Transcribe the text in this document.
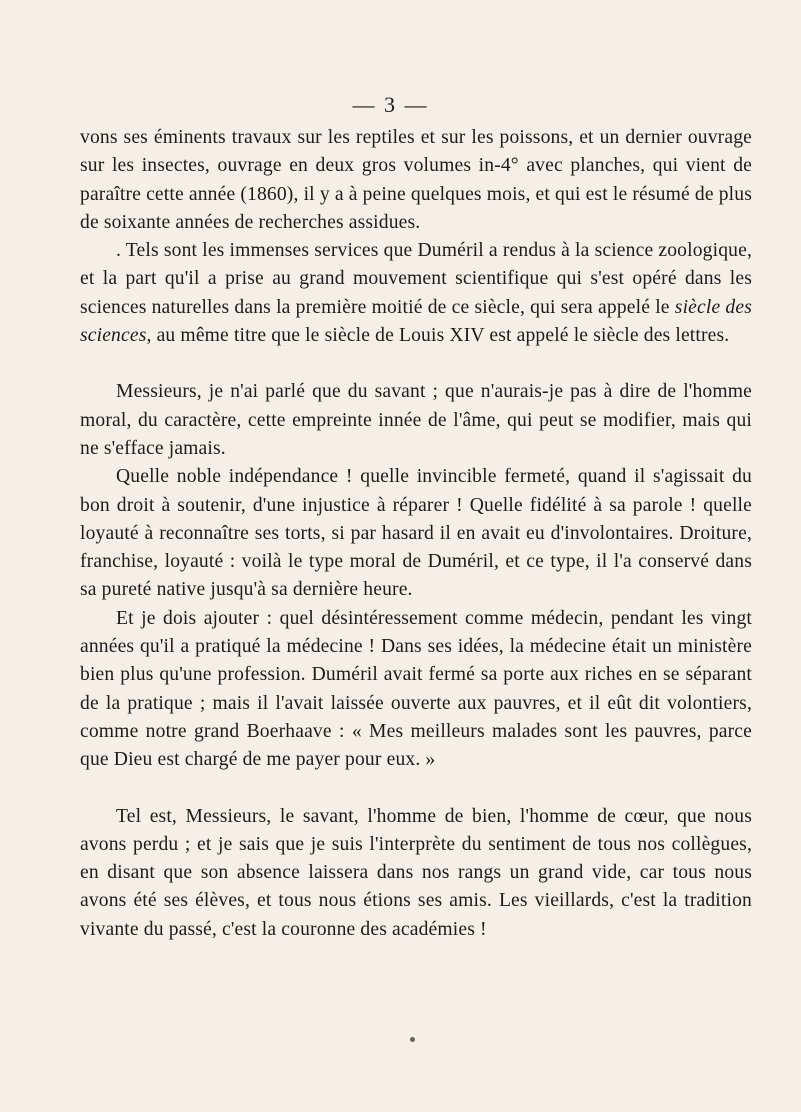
— 3 —

vons ses éminents travaux sur les reptiles et sur les poissons, et un dernier ouvrage sur les insectes, ouvrage en deux gros volumes in-4° avec planches, qui vient de paraître cette année (1860), il y a à peine quelques mois, et qui est le résumé de plus de soixante années de recherches assidues.

. Tels sont les immenses services que Duméril a rendus à la science zoologique, et la part qu'il a prise au grand mouvement scientifique qui s'est opéré dans les sciences naturelles dans la première moitié de ce siècle, qui sera appelé le siècle des sciences, au même titre que le siècle de Louis XIV est appelé le siècle des lettres.

Messieurs, je n'ai parlé que du savant ; que n'aurais-je pas à dire de l'homme moral, du caractère, cette empreinte innée de l'âme, qui peut se modifier, mais qui ne s'efface jamais.

Quelle noble indépendance ! quelle invincible fermeté, quand il s'agissait du bon droit à soutenir, d'une injustice à réparer ! Quelle fidélité à sa parole ! quelle loyauté à reconnaître ses torts, si par hasard il en avait eu d'involontaires. Droiture, franchise, loyauté : voilà le type moral de Duméril, et ce type, il l'a conservé dans sa pureté native jusqu'à sa dernière heure.

Et je dois ajouter : quel désintéressement comme médecin, pendant les vingt années qu'il a pratiqué la médecine ! Dans ses idées, la médecine était un ministère bien plus qu'une profession. Duméril avait fermé sa porte aux riches en se séparant de la pratique ; mais il l'avait laissée ouverte aux pauvres, et il eût dit volontiers, comme notre grand Boerhaave : « Mes meilleurs malades sont les pauvres, parce que Dieu est chargé de me payer pour eux. »

Tel est, Messieurs, le savant, l'homme de bien, l'homme de cœur, que nous avons perdu ; et je sais que je suis l'interprète du sentiment de tous nos collègues, en disant que son absence laissera dans nos rangs un grand vide, car tous nous avons été ses élèves, et tous nous étions ses amis. Les vieillards, c'est la tradition vivante du passé, c'est la couronne des académies !
